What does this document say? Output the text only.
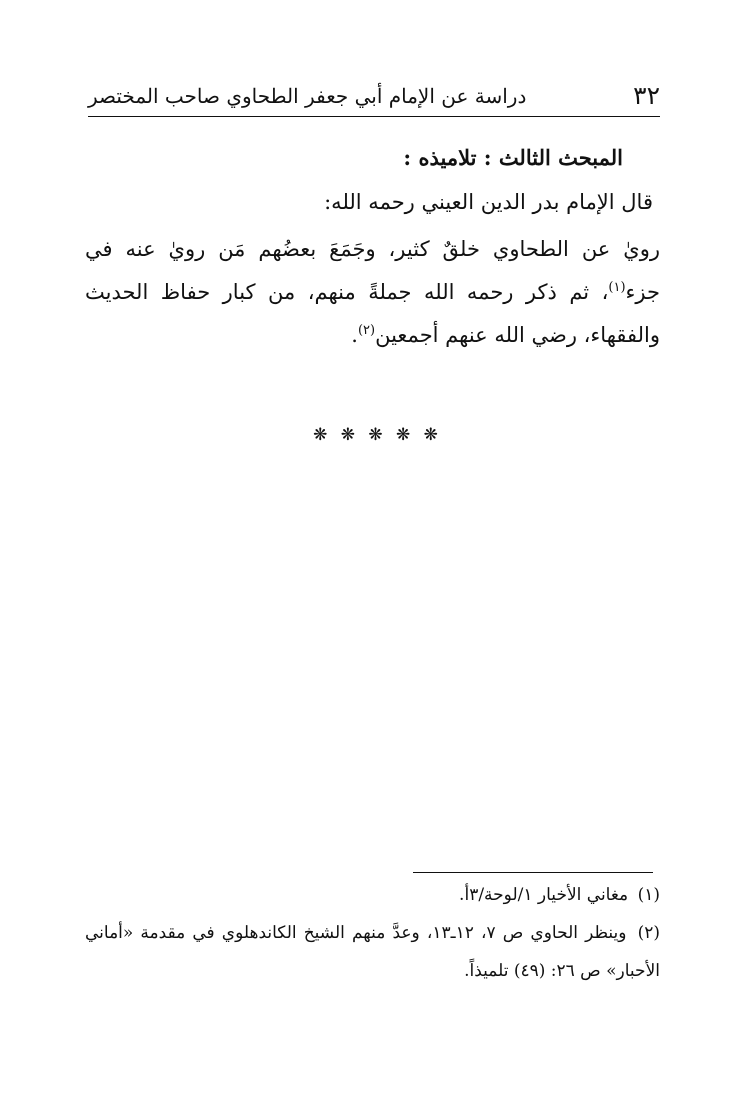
٣٢
دراسة عن الإمام أبي جعفر الطحاوي صاحب المختصر
المبحث الثالث : تلاميذه :
قال الإمام بدر الدين العيني رحمه الله:

رويٰ عن الطحاوي خلقٌ كثير، وجَمَعَ بعضُهم مَن رويٰ عنه في جزء$^{(١)}$، ثم ذكر رحمه الله جملةً منهم، من كبار حفاظ الحديث والفقهاء، رضي الله عنهم أجمعين$^{(٢)}$.

❋ ❋ ❋ ❋ ❋

(١) مغاني الأخيار ١/لوحة/٣أ.

(٢) وينظر الحاوي ص ٧، ١٢ـ١٣، وعدَّ منهم الشيخ الكاندهلوي في مقدمة «أماني الأحبار» ص ٢٦: (٤٩) تلميذاً.
